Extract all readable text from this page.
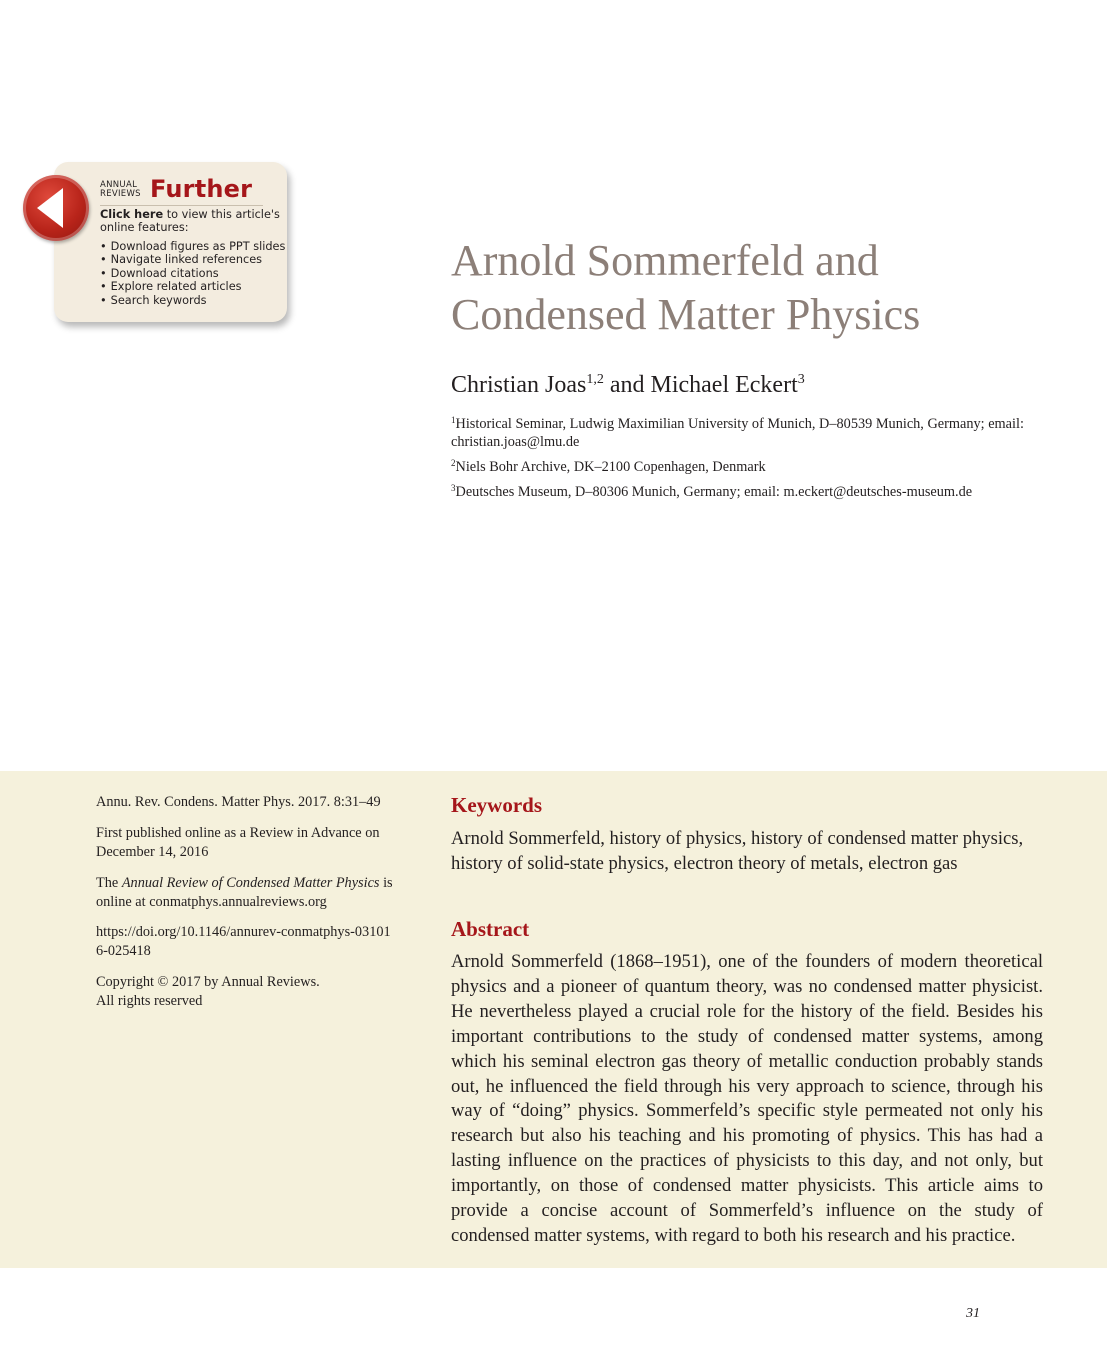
ANNUAL
REVIEWS Further
Click here to view this article's online features:
• Download figures as PPT slides
• Navigate linked references
• Download citations
• Explore related articles
• Search keywords
Arnold Sommerfeld and
Condensed Matter Physics
Christian Joas$^{1,2}$ and Michael Eckert$^3$
$^1$Historical Seminar, Ludwig Maximilian University of Munich, D–80539 Munich, Germany; email: christian.joas@lmu.de
$^2$Niels Bohr Archive, DK–2100 Copenhagen, Denmark
$^3$Deutsches Museum, D–80306 Munich, Germany; email: m.eckert@deutsches-museum.de
Annu. Rev. Condens. Matter Phys. 2017. 8:31–49
First published online as a Review in Advance on December 14, 2016
The Annual Review of Condensed Matter Physics is online at conmatphys.annualreviews.org
https://doi.org/10.1146/annurev-conmatphys-031016-025418
Copyright © 2017 by Annual Reviews.
All rights reserved
Keywords
Arnold Sommerfeld, history of physics, history of condensed matter physics, history of solid-state physics, electron theory of metals, electron gas
Abstract

Arnold Sommerfeld (1868–1951), one of the founders of modern theoretical physics and a pioneer of quantum theory, was no condensed matter physicist. He nevertheless played a crucial role for the history of the field. Besides his important contributions to the study of condensed matter systems, among which his seminal electron gas theory of metallic conduction probably stands out, he influenced the field through his very approach to science, through his way of “doing” physics. Sommerfeld’s specific style permeated not only his research but also his teaching and his promoting of physics. This has had a lasting influence on the practices of physicists to this day, and not only, but importantly, on those of condensed matter physicists. This article aims to provide a concise account of Sommerfeld’s influence on the study of condensed matter systems, with regard to both his research and his practice.

31
